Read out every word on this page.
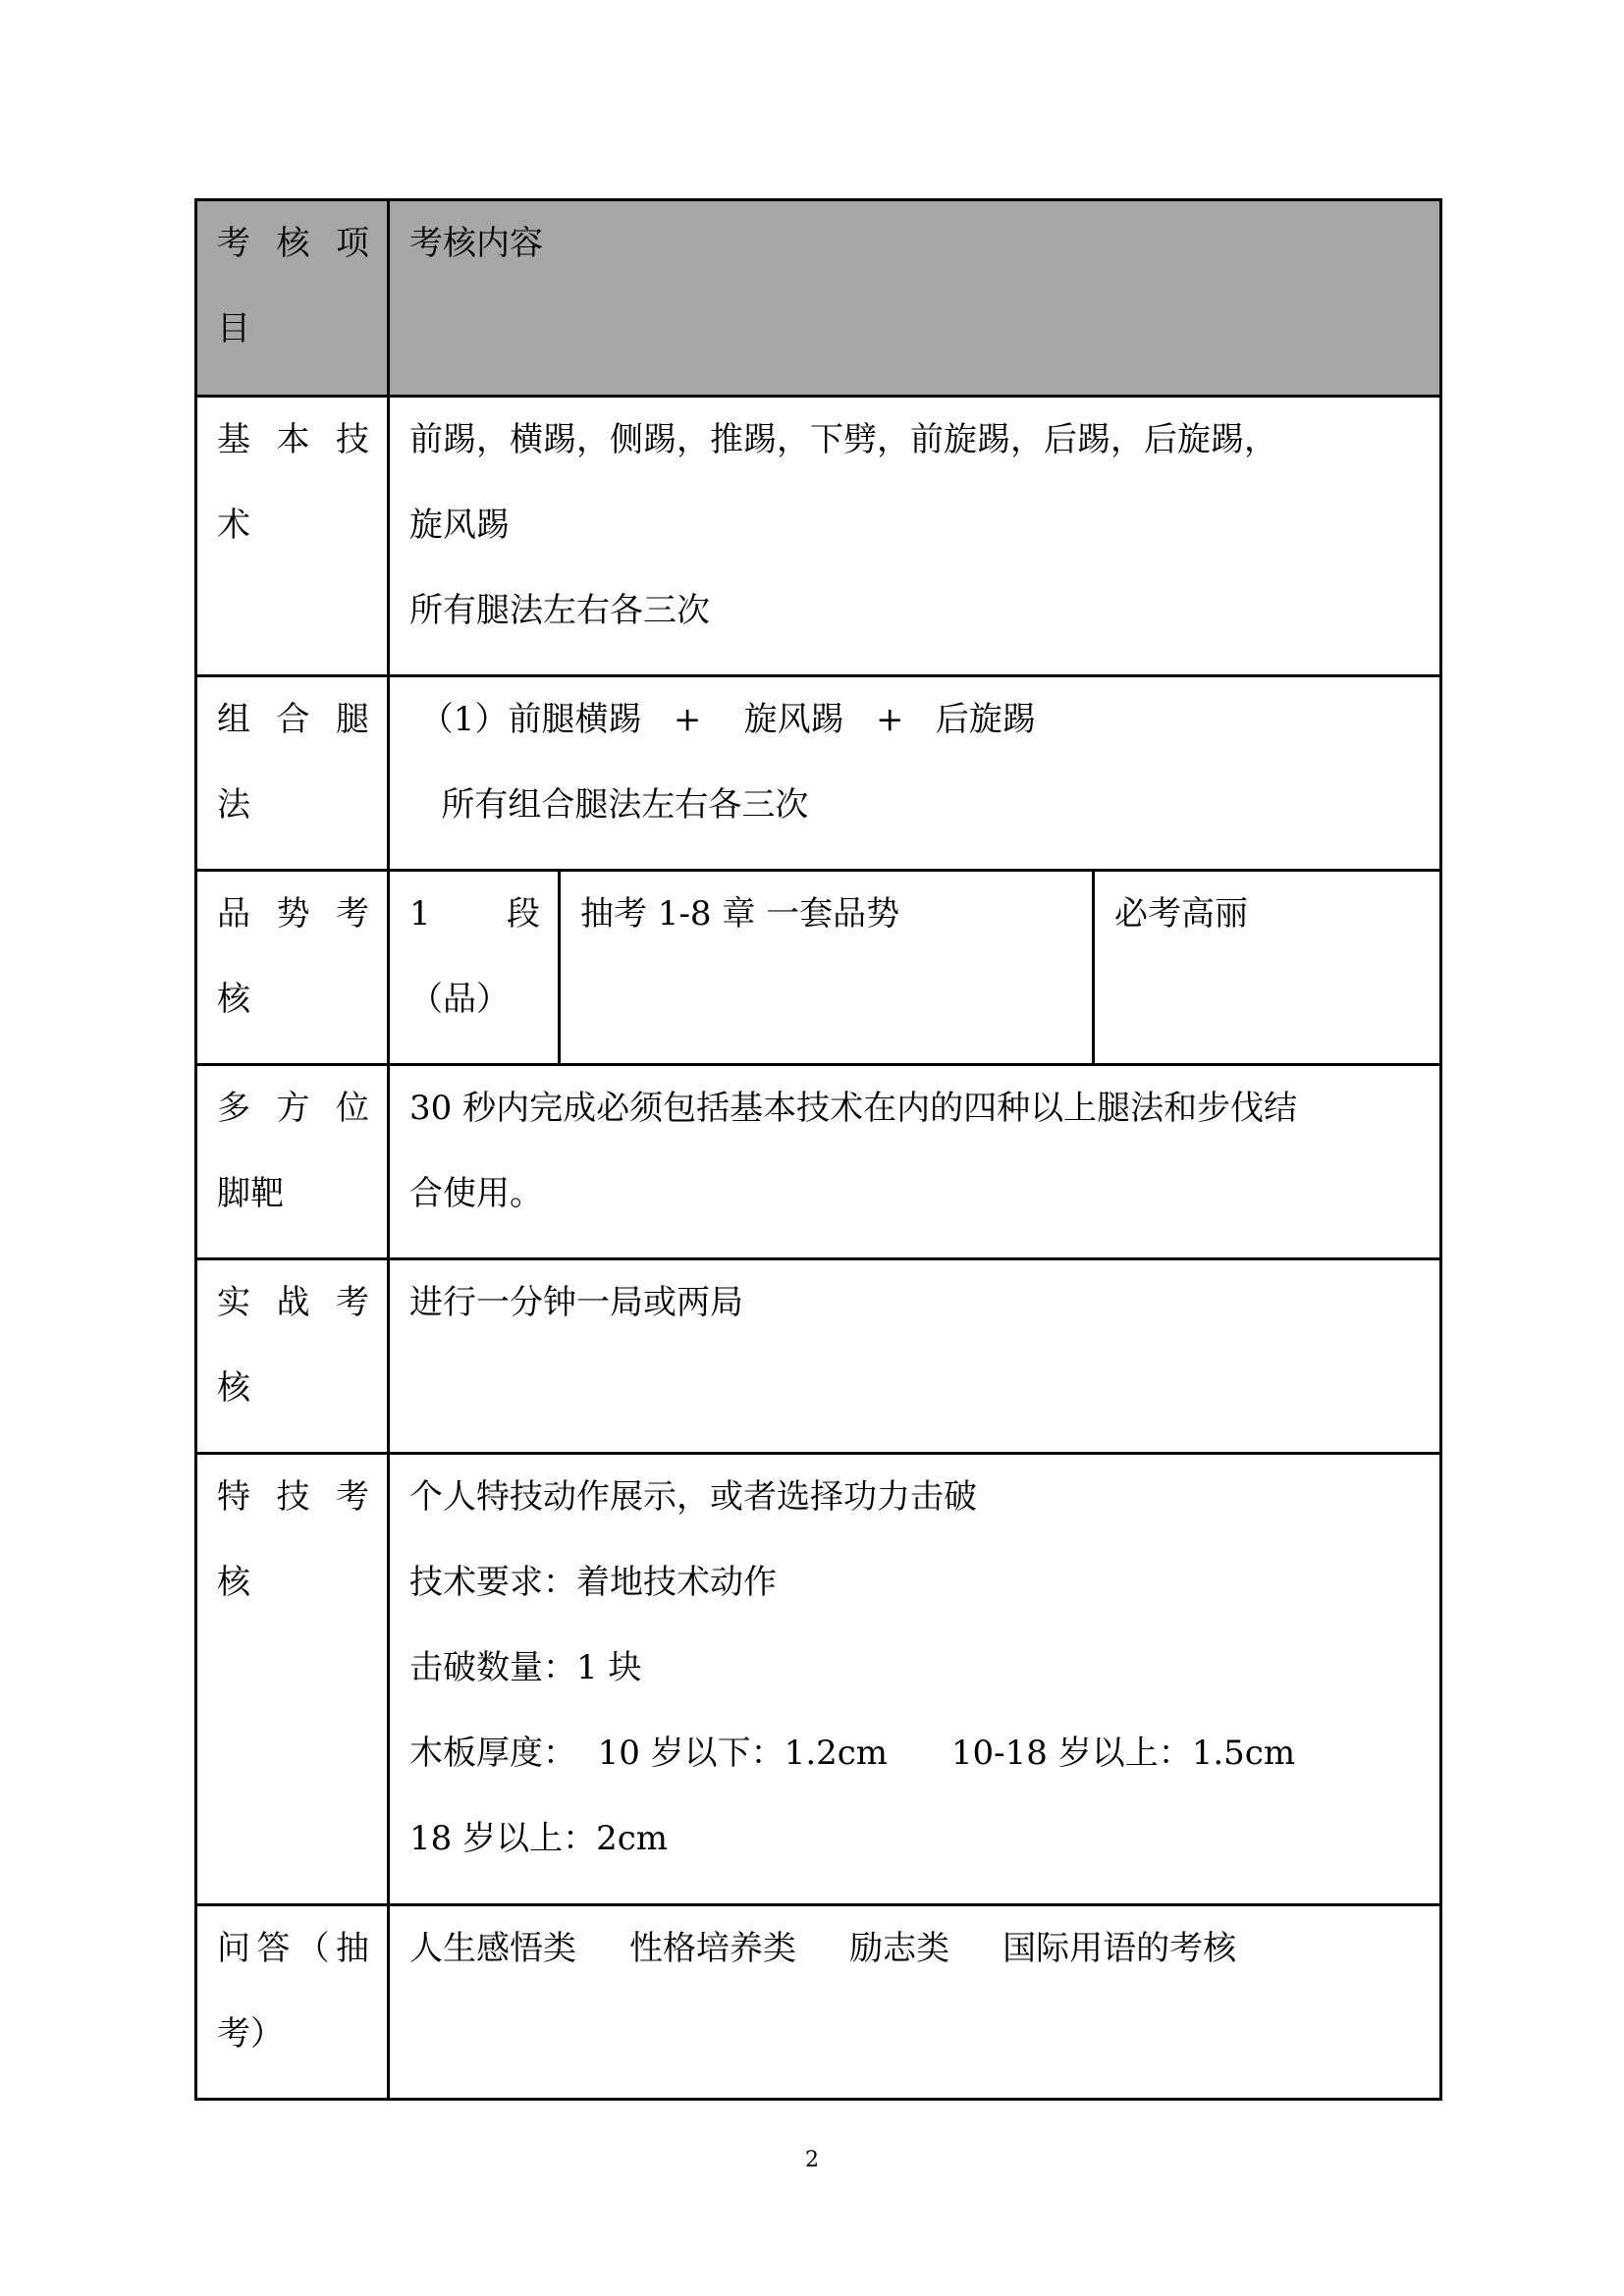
考 核 项 目	考核内容		
基 本 技 术	前踢，横踢，侧踢，推踢，下劈，前旋踢，后踢，后旋踢，
旋风踢
所有腿法左右各三次		

组 合 腿 法	（1）前腿横踢   +    旋风踢   +   后旋踢
所有组合腿法左右各三次		

品 势 考 核	1 段（品）	抽考 1-8 章 一套品势	必考高丽
多 方 位 脚靶	30 秒内完成必须包括基本技术在内的四种以上腿法和步伐结
合使用。		

实 战 考 核	进行一分钟一局或两局		

特 技 考 核	个人特技动作展示，或者选择功力击破
技术要求：着地技术动作
击破数量：1 块
木板厚度：  10 岁以下：1.2cm      10-18 岁以上：1.5cm
18 岁以上：2cm		

问答（抽考）	人生感悟类     性格培养类     励志类     国际用语的考核		
2
